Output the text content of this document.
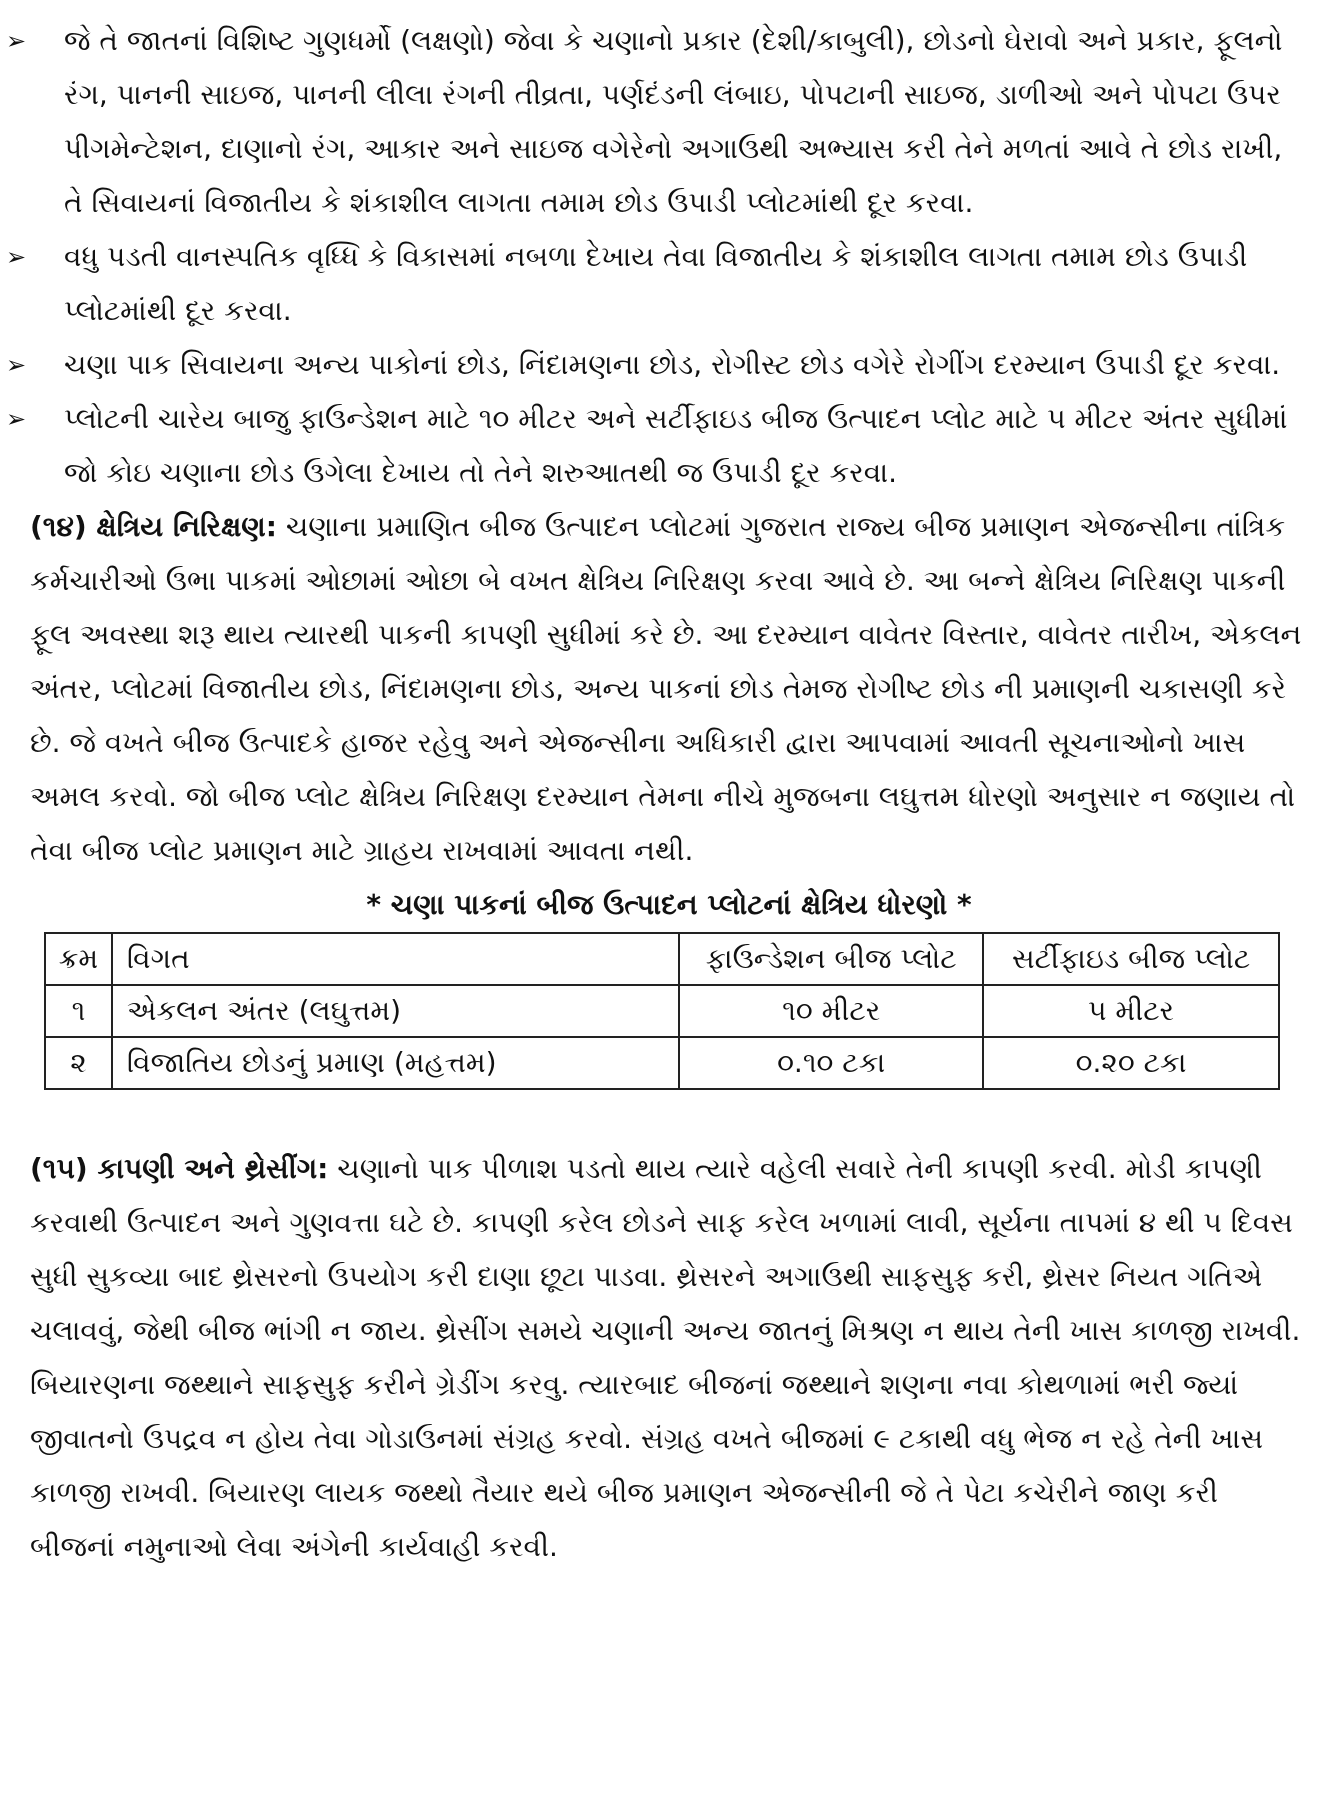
➢ જે તે જાતનાં વિશિષ્ટ ગુણધર્મો (લક્ષણો) જેવા કે ચણાનો પ્રકાર (દેશી/કાબુલી), છોડનો ઘેરાવો અને પ્રકાર, ફૂલનો રંગ, પાનની સાઇજ, પાનની લીલા રંગની તીવ્રતા, પર્ણદંડની લંબાઇ, પોપટાની સાઇજ, ડાળીઓ અને પોપટા ઉપર પીગમેન્ટેશન, દાણાનો રંગ, આકાર અને સાઇજ વગેરેનો અગાઉથી અભ્યાસ કરી તેને મળતાં આવે તે છોડ રાખી, તે સિવાયનાં વિજાતીય કે શંકાશીલ લાગતા તમામ છોડ ઉપાડી પ્લોટમાંથી દૂર કરવા.

➢ વધુ પડતી વાનસ્પતિક વૃધ્ધિ કે વિકાસમાં નબળા દેખાય તેવા વિજાતીય કે શંકાશીલ લાગતા તમામ છોડ ઉપાડી પ્લોટમાંથી દૂર કરવા.

➢ ચણા પાક સિવાયના અન્ય પાકોનાં છોડ, નિંદામણના છોડ, રોગીસ્ટ છોડ વગેરે રોગીંગ દરમ્યાન ઉપાડી દૂર કરવા.

➢ પ્લોટની ચારેય બાજુ ફાઉન્ડેશન માટે ૧૦ મીટર અને સર્ટીફાઇડ બીજ ઉત્પાદન પ્લોટ માટે ૫ મીટર અંતર સુધીમાં જો કોઇ ચણાના છોડ ઉગેલા દેખાય તો તેને શરુઆતથી જ ઉપાડી દૂર કરવા.

(૧૪) ક્ષેત્રિય નિરિક્ષણ: ચણાના પ્રમાણિત બીજ ઉત્પાદન પ્લોટમાં ગુજરાત રાજ્ય બીજ પ્રમાણન એજન્સીના તાંત્રિક કર્મચારીઓ ઉભા પાકમાં ઓછામાં ઓછા બે વખત ક્ષેત્રિય નિરિક્ષણ કરવા આવે છે. આ બન્ને ક્ષેત્રિય નિરિક્ષણ પાકની ફૂલ અવસ્થા શરૂ થાય ત્યારથી પાકની કાપણી સુધીમાં કરે છે. આ દરમ્યાન વાવેતર વિસ્તાર, વાવેતર તારીખ, એકલન અંતર, પ્લોટમાં વિજાતીય છોડ, નિંદામણના છોડ, અન્ય પાકનાં છોડ તેમજ રોગીષ્ટ છોડ ની પ્રમાણની ચકાસણી કરે છે. જે વખતે બીજ ઉત્પાદકે હાજર રહેવુ અને એજન્સીના અધિકારી દ્વારા આપવામાં આવતી સૂચનાઓનો ખાસ અમલ કરવો. જો બીજ પ્લોટ ક્ષેત્રિય નિરિક્ષણ દરમ્યાન તેમના નીચે મુજબના લઘુત્તમ ધોરણો અનુસાર ન જણાય તો તેવા બીજ પ્લોટ પ્રમાણન માટે ગ્રાહય રાખવામાં આવતા નથી.

* ચણા પાકનાં બીજ ઉત્પાદન પ્લોટનાં ક્ષેત્રિય ધોરણો *

ક્રમ	વિગત	ફાઉન્ડેશન બીજ પ્લોટ	સર્ટીફાઇડ બીજ પ્લોટ
૧	એકલન અંતર (લઘુત્તમ)	૧૦ મીટર	૫ મીટર
૨	વિજાતિય છોડનું પ્રમાણ (મહત્તમ)	૦.૧૦ ટકા	૦.૨૦ ટકા

(૧૫) કાપણી અને થ્રેસીંગ: ચણાનો પાક પીળાશ પડતો થાય ત્યારે વહેલી સવારે તેની કાપણી કરવી. મોડી કાપણી કરવાથી ઉત્પાદન અને ગુણવત્તા ઘટે છે. કાપણી કરેલ છોડને સાફ કરેલ ખળામાં લાવી, સૂર્યના તાપમાં ૪ થી ૫ દિવસ સુધી સુકવ્યા બાદ થ્રેસરનો ઉપયોગ કરી દાણા છૂટા પાડવા. થ્રેસરને અગાઉથી સાફસુફ કરી, થ્રેસર નિયત ગતિએ ચલાવવું, જેથી બીજ ભાંગી ન જાય. થ્રેસીંગ સમયે ચણાની અન્ય જાતનું મિશ્રણ ન થાય તેની ખાસ કાળજી રાખવી. બિયારણના જથ્થાને સાફસુફ કરીને ગ્રેડીંગ કરવુ. ત્યારબાદ બીજનાં જથ્થાને શણના નવા કોથળામાં ભરી જ્યાં જીવાતનો ઉપદ્રવ ન હોય તેવા ગોડાઉનમાં સંગ્રહ કરવો. સંગ્રહ વખતે બીજમાં ૯ ટકાથી વધુ ભેજ ન રહે તેની ખાસ કાળજી રાખવી. બિયારણ લાયક જથ્થો તૈયાર થયે બીજ પ્રમાણન એજન્સીની જે તે પેટા કચેરીને જાણ કરી બીજનાં નમુનાઓ લેવા અંગેની કાર્યવાહી કરવી.
